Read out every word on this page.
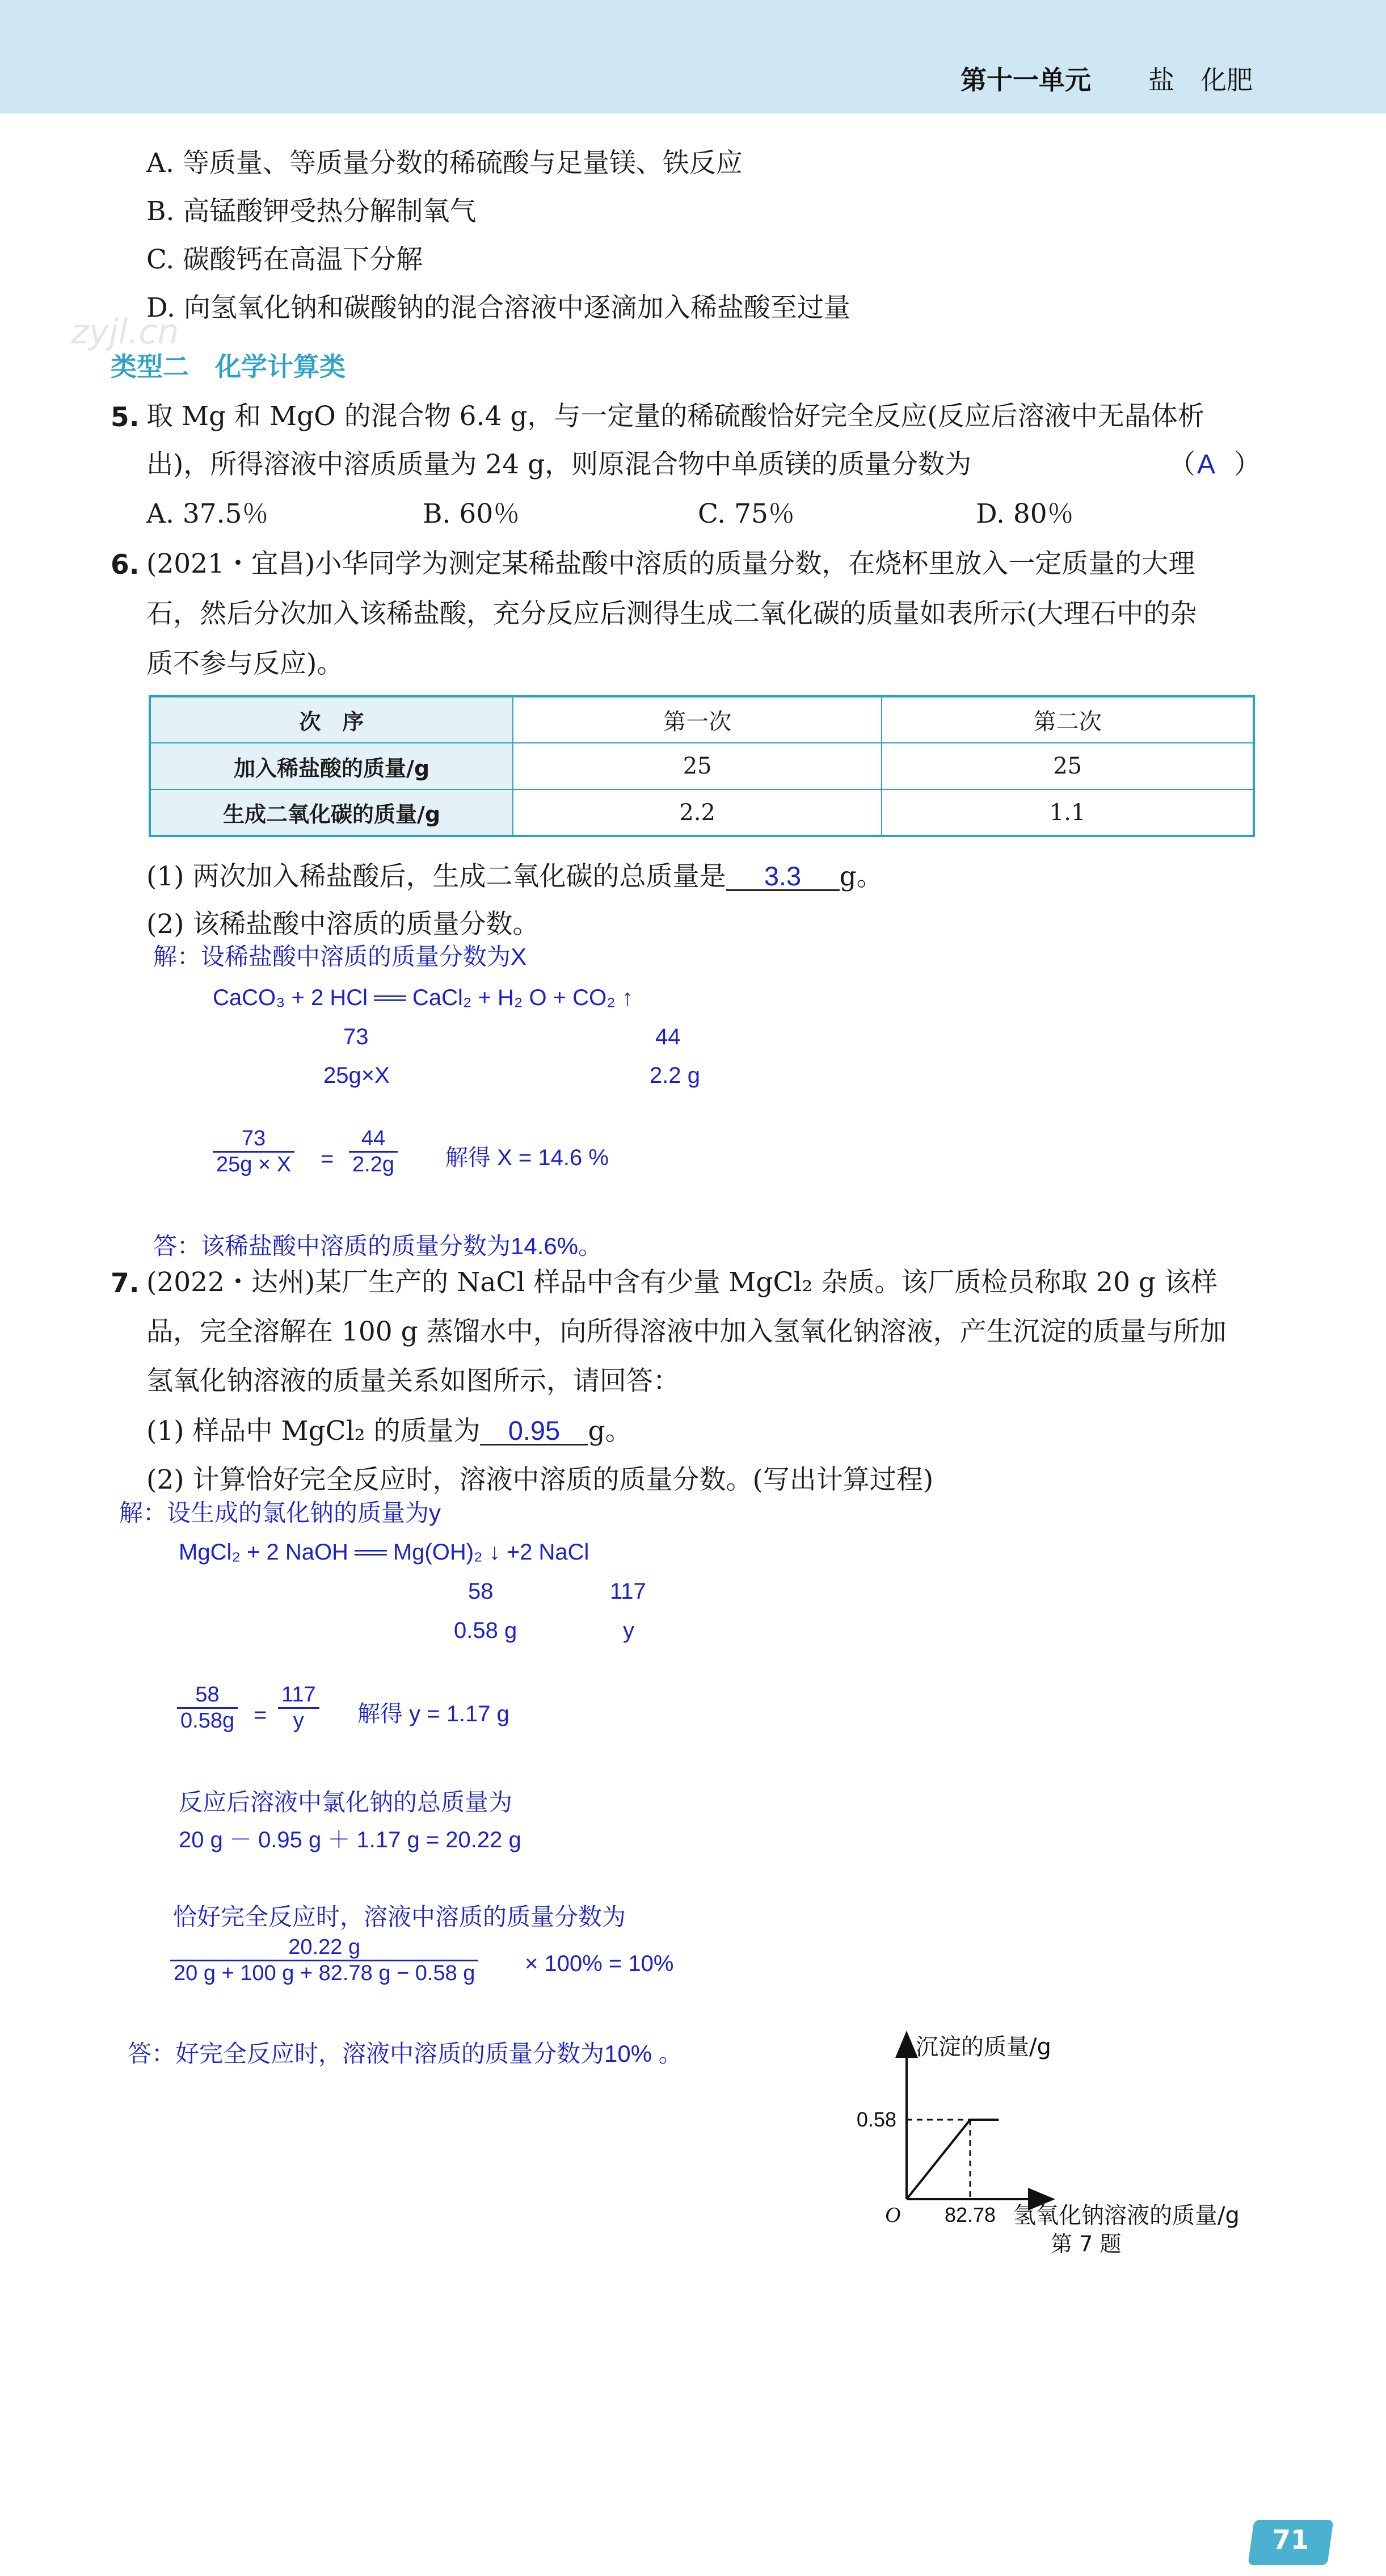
第十一单元 盐　化肥
zyjl.cn
A. 等质量、等质量分数的稀硫酸与足量镁、铁反应
B. 高锰酸钾受热分解制氧气
C. 碳酸钙在高温下分解
D. 向氢氧化钠和碳酸钠的混合溶液中逐滴加入稀盐酸至过量
类型二　化学计算类
5. 取 Mg 和 MgO 的混合物 6.4 g，与一定量的稀硫酸恰好完全反应(反应后溶液中无晶体析
出)，所得溶液中溶质质量为 24 g，则原混合物中单质镁的质量分数为	（ A ）
A. 37.5％	B. 60％	C. 75％	D. 80％
6. (2021・宜昌)小华同学为测定某稀盐酸中溶质的质量分数，在烧杯里放入一定质量的大理
石，然后分次加入该稀盐酸，充分反应后测得生成二氧化碳的质量如表所示(大理石中的杂
质不参与反应)。
次　序	第一次	第二次
加入稀盐酸的质量/g	25	25
生成二氧化碳的质量/g	2.2	1.1
(1) 两次加入稀盐酸后，生成二氧化碳的总质量是 3.3 g。
(2) 该稀盐酸中溶质的质量分数。
解：设稀盐酸中溶质的质量分数为X
CaCO₃ + 2 HCl ══ CaCl₂ + H₂ O + CO₂ ↑
73	44
25g×X	2.2 g
$\frac{73}{25g \times X} = \frac{44}{2.2g}$ 解得 X = 14.6 %
答：该稀盐酸中溶质的质量分数为14.6%。
7. (2022・达州)某厂生产的 NaCl 样品中含有少量 MgCl₂ 杂质。该厂质检员称取 20 g 该样
品，完全溶解在 100 g 蒸馏水中，向所得溶液中加入氢氧化钠溶液，产生沉淀的质量与所加
氢氧化钠溶液的质量关系如图所示，请回答：
(1) 样品中 MgCl₂ 的质量为 0.95 g。
(2) 计算恰好完全反应时，溶液中溶质的质量分数。(写出计算过程)
解：设生成的氯化钠的质量为y
MgCl₂ + 2 NaOH ══ Mg(OH)₂ ↓ +2 NaCl
58	117
0.58 g	y
$\frac{58}{0.58g} = \frac{117}{y}$ 解得 y = 1.17 g
反应后溶液中氯化钠的总质量为
20 g － 0.95 g ＋ 1.17 g = 20.22 g
恰好完全反应时，溶液中溶质的质量分数为
$\frac{20.22 g}{20 g + 100 g + 82.78 g - 0.58 g} \times 100\% = 10\%$
答：好完全反应时，溶液中溶质的质量分数为10% 。	沉淀的质量/g
0.58
O 82.78 氢氧化钠溶液的质量/g
第 7 题
71
